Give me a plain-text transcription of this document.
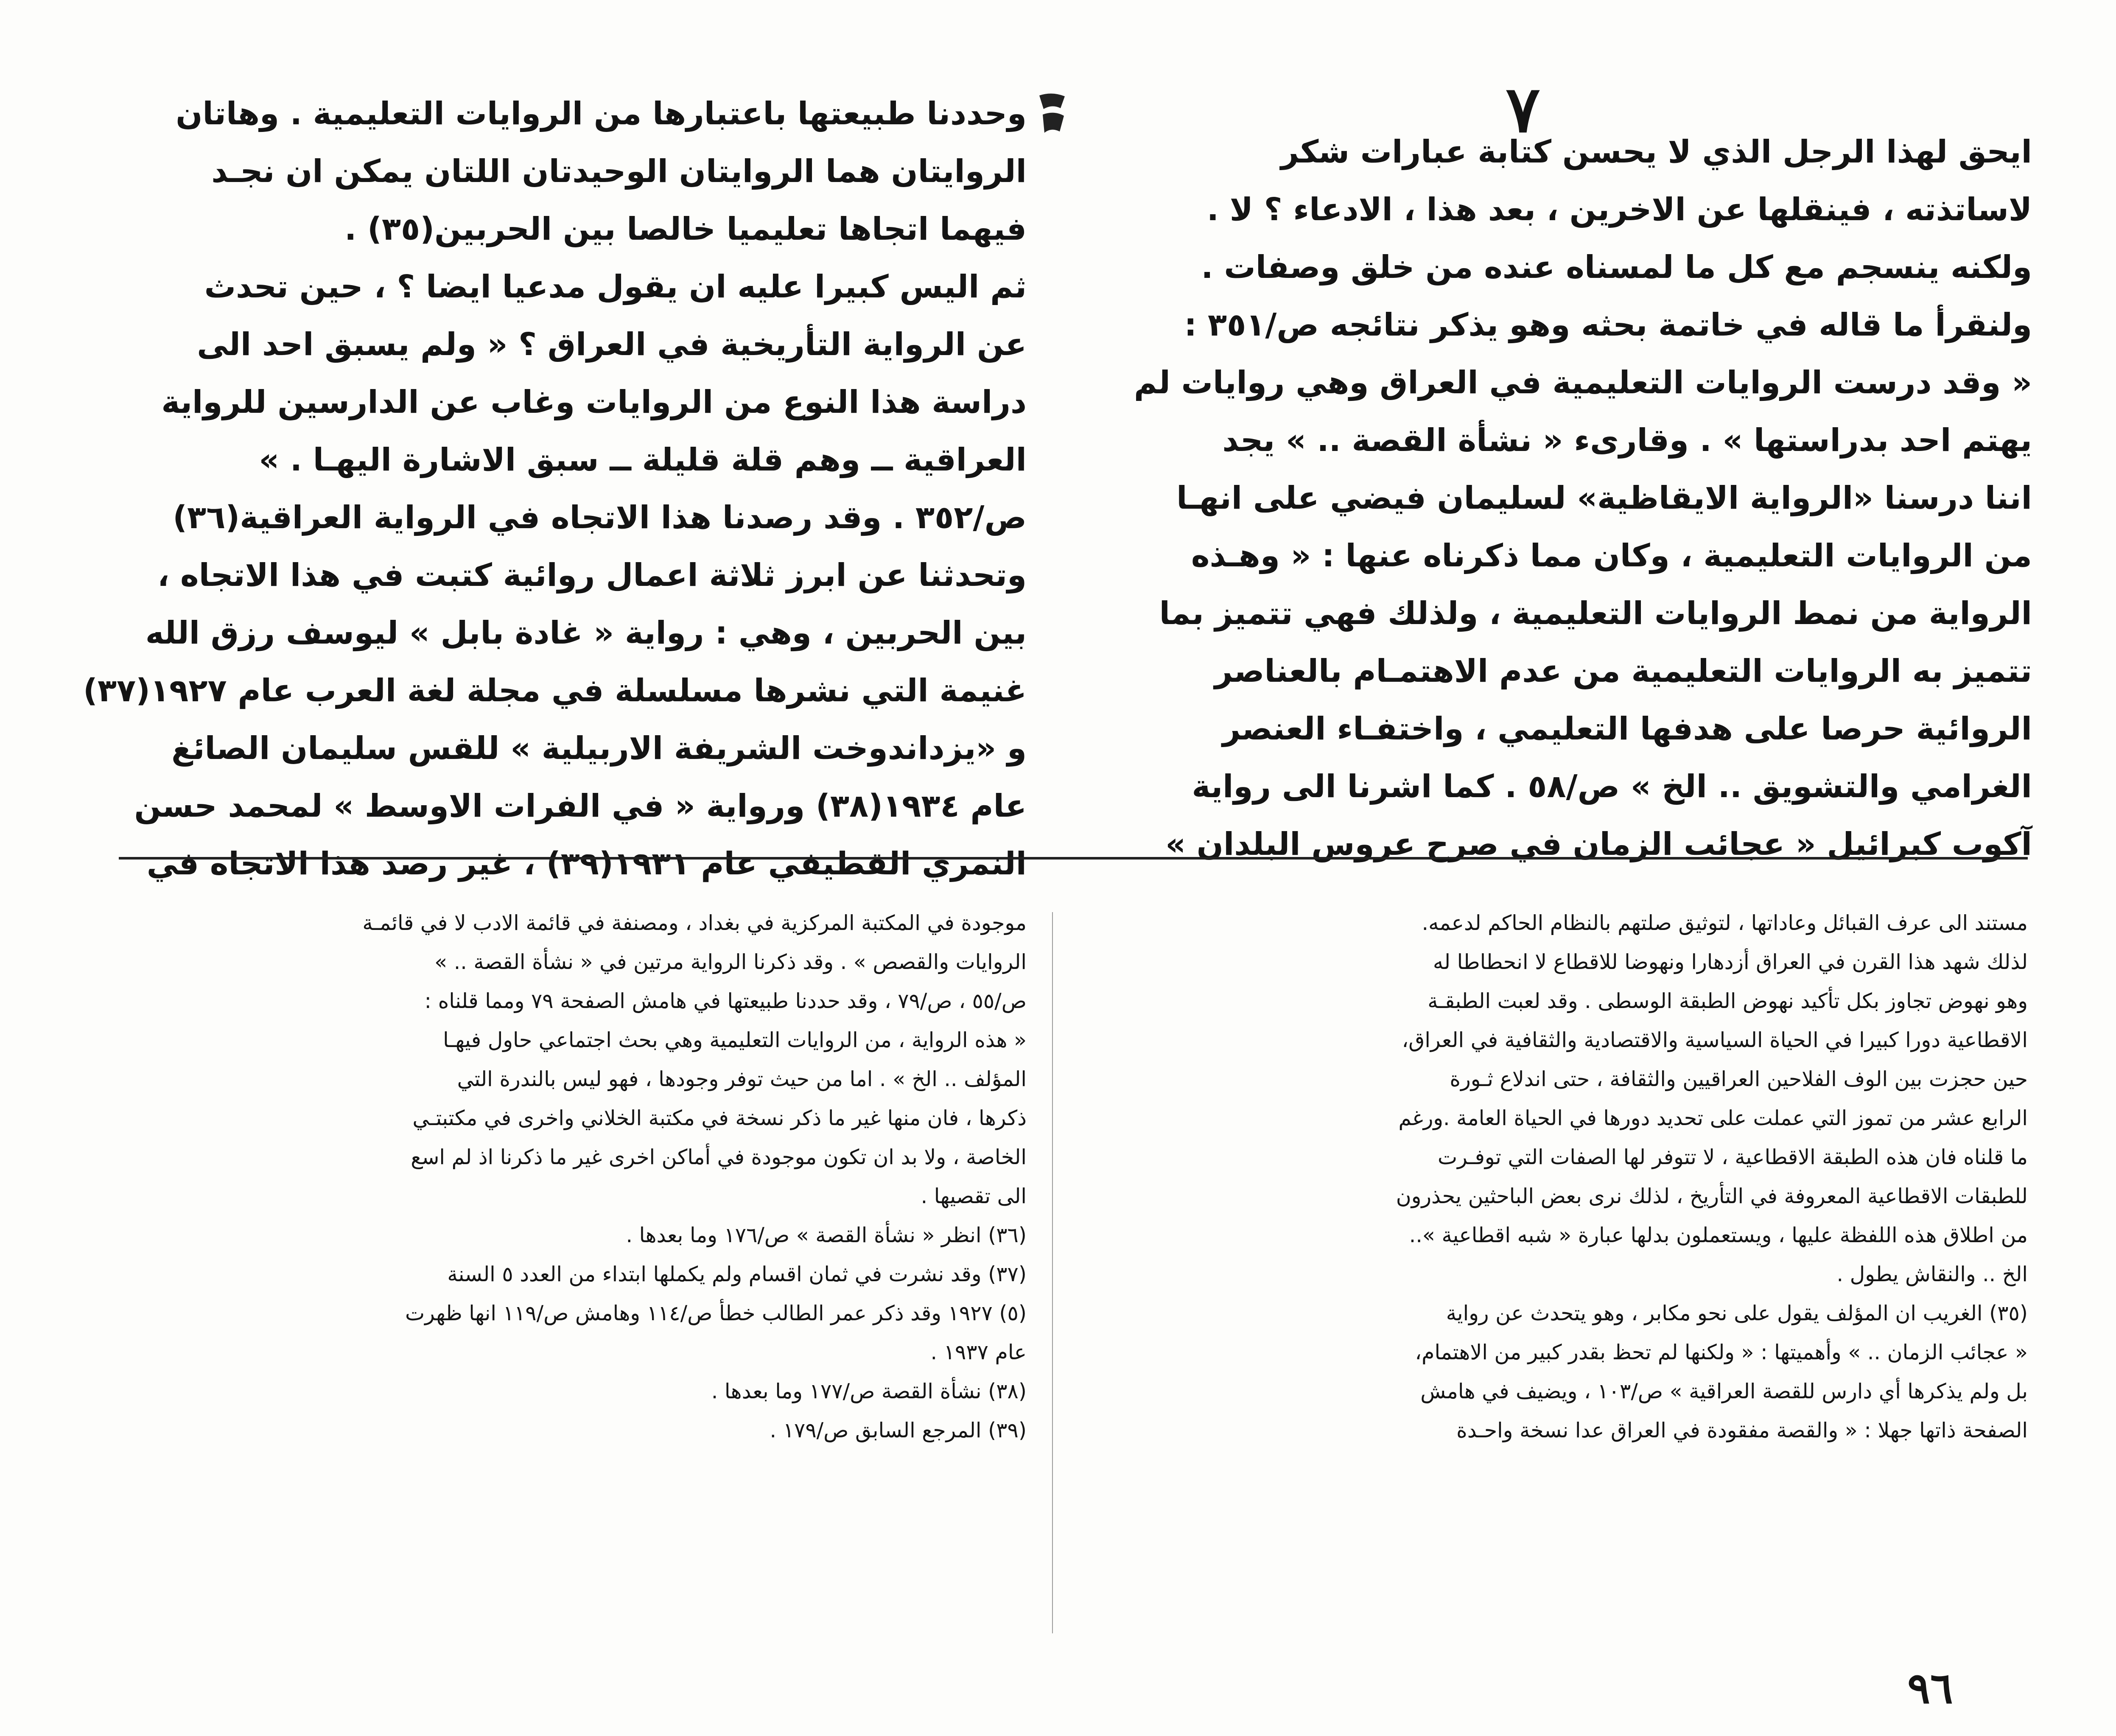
٧
ايحق لهذا الرجل الذي لا يحسن كتابة عبارات شكر
لاساتذته ، فينقلها عن الاخرين ، بعد هذا ، الادعاء ؟ لا .
ولكنه ينسجم مع كل ما لمسناه عنده من خلق وصفات .
ولنقرأ ما قاله في خاتمة بحثه وهو يذكر نتائجه ص/٣٥١ :
« وقد درست الروايات التعليمية في العراق وهي روايات لم
يهتم احد بدراستها » . وقارىء « نشأة القصة .. » يجد
اننا درسنا «الرواية الايقاظية» لسليمان فيضي على انهـا
من الروايات التعليمية ، وكان مما ذكرناه عنها : « وهـذه
الرواية من نمط الروايات التعليمية ، ولذلك فهي تتميز بما
تتميز به الروايات التعليمية من عدم الاهتمـام بالعناصر
الروائية حرصا على هدفها التعليمي ، واختفـاء العنصر
الغرامي والتشويق .. الخ » ص/٥٨ . كما اشرنا الى رواية
آكوب كبرائيل « عجائب الزمان في صرح عروس البلدان »
وحددنا طبيعتها باعتبارها من الروايات التعليمية . وهاتان
الروايتان هما الروايتان الوحيدتان اللتان يمكن ان نجـد
فيهما اتجاها تعليميا خالصا بين الحربين(٣٥) .
ثم اليس كبيرا عليه ان يقول مدعيا ايضا ؟ ، حين تحدث
عن الرواية التأريخية في العراق ؟ « ولم يسبق احد الى
دراسة هذا النوع من الروايات وغاب عن الدارسين للرواية
العراقية ــ وهم قلة قليلة ــ سبق الاشارة اليهـا . »
ص/٣٥٢ . وقد رصدنا هذا الاتجاه في الرواية العراقية(٣٦)
وتحدثنا عن ابرز ثلاثة اعمال روائية كتبت في هذا الاتجاه ،
بين الحربين ، وهي : رواية « غادة بابل » ليوسف رزق الله
غنيمة التي نشرها مسلسلة في مجلة لغة العرب عام ١٩٢٧(٣٧)
و «يزداندوخت الشريفة الاربيلية » للقس سليمان الصائغ
عام ١٩٣٤(٣٨) ورواية « في الفرات الاوسط » لمحمد حسن
النمري القطيفي عام ١٩٣١(٣٩) ، غير رصد هذا الاتجاه في
مستند الى عرف القبائل وعاداتها ، لتوثيق صلتهم بالنظام الحاكم لدعمه.
لذلك شهد هذا القرن في العراق أزدهارا ونهوضا للاقطاع لا انحطاطا له
وهو نهوض تجاوز بكل تأكيد نهوض الطبقة الوسطى . وقد لعبت الطبقـة
الاقطاعية دورا كبيرا في الحياة السياسية والاقتصادية والثقافية في العراق،
حين حجزت بين الوف الفلاحين العراقيين والثقافة ، حتى اندلاع ثـورة
الرابع عشر من تموز التي عملت على تحديد دورها في الحياة العامة .ورغم
ما قلناه فان هذه الطبقة الاقطاعية ، لا تتوفر لها الصفات التي توفـرت
للطبقات الاقطاعية المعروفة في التأريخ ، لذلك نرى بعض الباحثين يحذرون
من اطلاق هذه اللفظة عليها ، ويستعملون بدلها عبارة « شبه اقطاعية »..
الخ .. والنقاش يطول .
(٣٥) الغريب ان المؤلف يقول على نحو مكابر ، وهو يتحدث عن رواية
« عجائب الزمان .. » وأهميتها : « ولكنها لم تحظ بقدر كبير من الاهتمام،
بل ولم يذكرها أي دارس للقصة العراقية » ص/١٠٣ ، ويضيف في هامش
الصفحة ذاتها جهلا : « والقصة مفقودة في العراق عدا نسخة واحـدة
موجودة في المكتبة المركزية في بغداد ، ومصنفة في قائمة الادب لا في قائمـة
الروايات والقصص » . وقد ذكرنا الرواية مرتين في « نشأة القصة .. »
ص/٥٥ ، ص/٧٩ ، وقد حددنا طبيعتها في هامش الصفحة ٧٩ ومما قلناه :
« هذه الرواية ، من الروايات التعليمية وهي بحث اجتماعي حاول فيهـا
المؤلف .. الخ » . اما من حيث توفر وجودها ، فهو ليس بالندرة التي
ذكرها ، فان منها غير ما ذكر نسخة في مكتبة الخلاني واخرى في مكتبتـي
الخاصة ، ولا بد ان تكون موجودة في أماكن اخرى غير ما ذكرنا اذ لم اسع
الى تقصيها .
(٣٦) انظر « نشأة القصة » ص/١٧٦ وما بعدها .
(٣٧) وقد نشرت في ثمان اقسام ولم يكملها ابتداء من العدد ٥ السنة
(٥) ١٩٢٧ وقد ذكر عمر الطالب خطأ ص/١١٤ وهامش ص/١١٩ انها ظهرت
عام ١٩٣٧ .
(٣٨) نشأة القصة ص/١٧٧ وما بعدها .
(٣٩) المرجع السابق ص/١٧٩ .
٩٦
